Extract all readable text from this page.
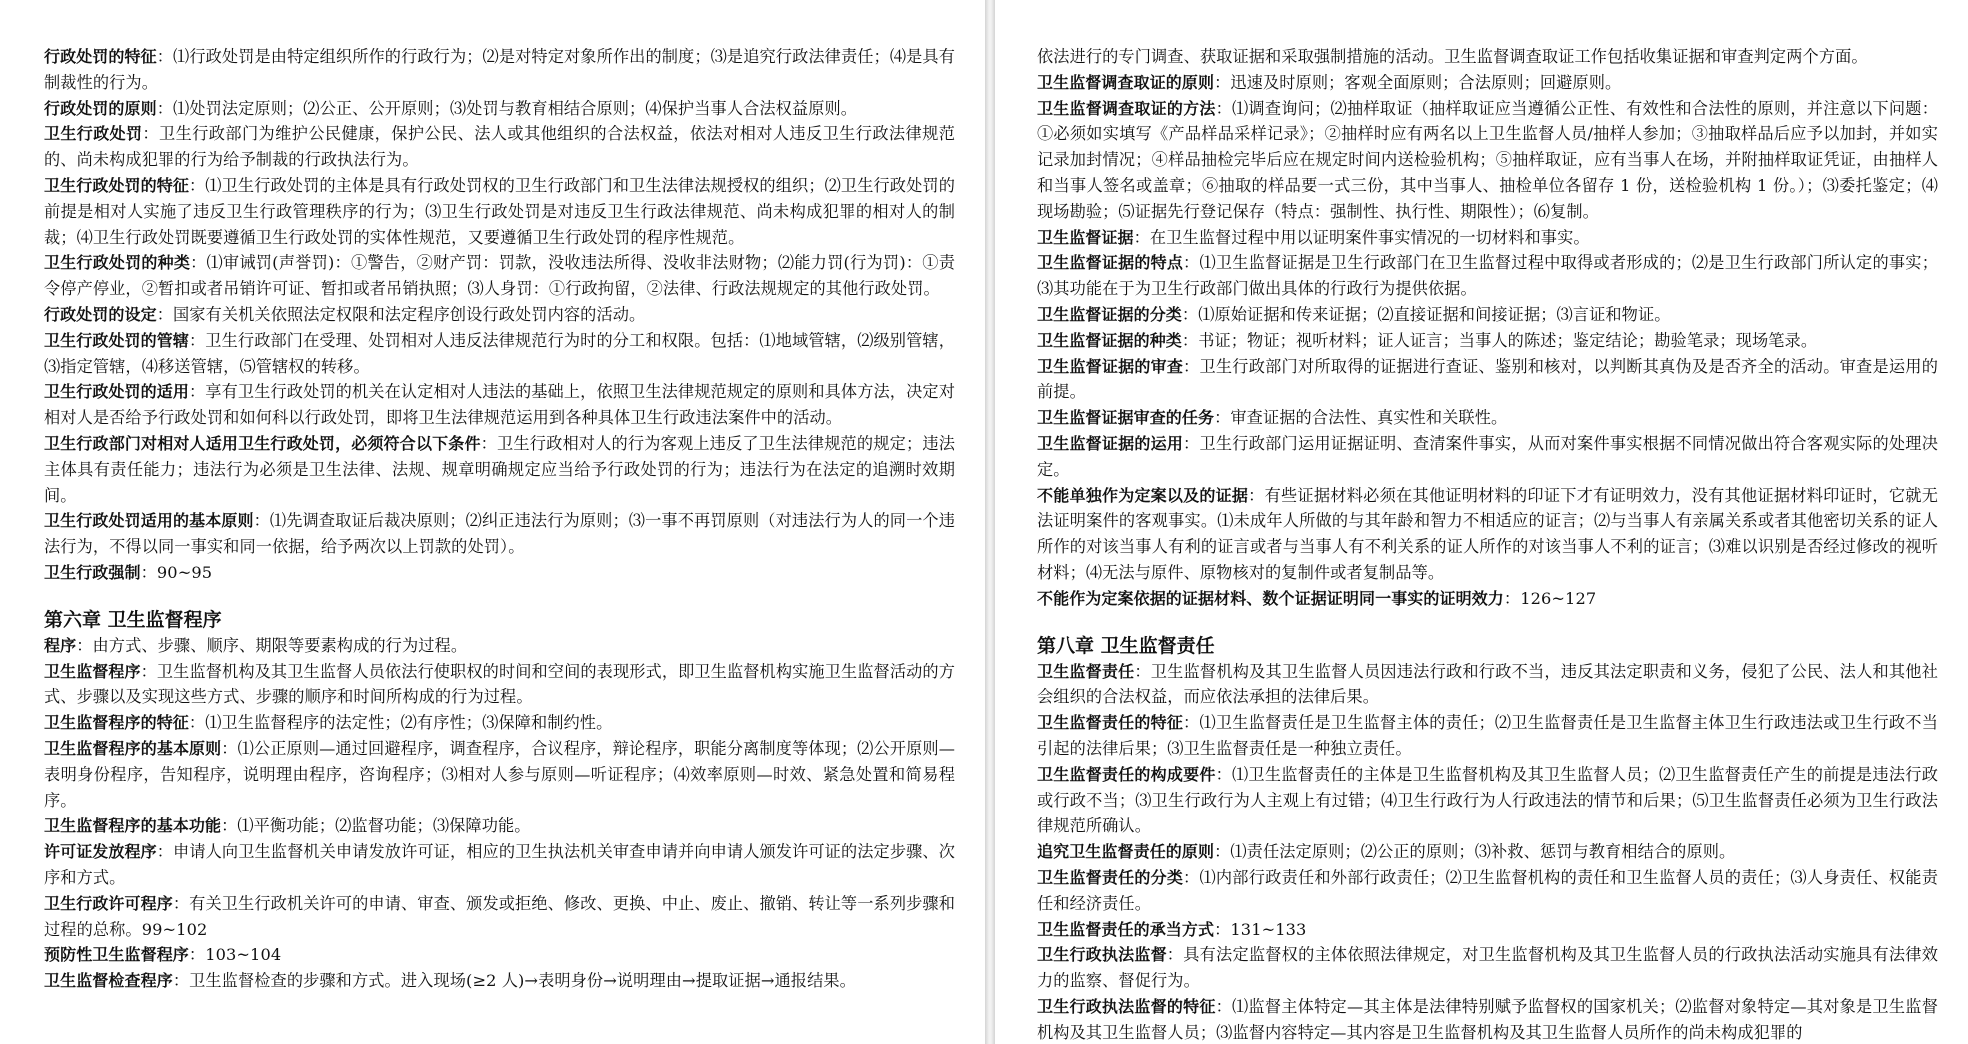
行政处罚的特征：⑴行政处罚是由特定组织所作的行政行为；⑵是对特定对象所作出的制度；⑶是追究行政法律责任；⑷是具有制裁性的行为。

行政处罚的原则：⑴处罚法定原则；⑵公正、公开原则；⑶处罚与教育相结合原则；⑷保护当事人合法权益原则。

卫生行政处罚：卫生行政部门为维护公民健康，保护公民、法人或其他组织的合法权益，依法对相对人违反卫生行政法律规范的、尚未构成犯罪的行为给予制裁的行政执法行为。

卫生行政处罚的特征：⑴卫生行政处罚的主体是具有行政处罚权的卫生行政部门和卫生法律法规授权的组织；⑵卫生行政处罚的前提是相对人实施了违反卫生行政管理秩序的行为；⑶卫生行政处罚是对违反卫生行政法律规范、尚未构成犯罪的相对人的制裁；⑷卫生行政处罚既要遵循卫生行政处罚的实体性规范，又要遵循卫生行政处罚的程序性规范。

卫生行政处罚的种类：⑴审诫罚(声誉罚)：①警告，②财产罚：罚款，没收违法所得、没收非法财物；⑵能力罚(行为罚)：①责令停产停业，②暂扣或者吊销许可证、暂扣或者吊销执照；⑶人身罚：①行政拘留，②法律、行政法规规定的其他行政处罚。

行政处罚的设定：国家有关机关依照法定权限和法定程序创设行政处罚内容的活动。

卫生行政处罚的管辖：卫生行政部门在受理、处罚相对人违反法律规范行为时的分工和权限。包括：⑴地域管辖，⑵级别管辖，⑶指定管辖，⑷移送管辖，⑸管辖权的转移。

卫生行政处罚的适用：享有卫生行政处罚的机关在认定相对人违法的基础上，依照卫生法律规范规定的原则和具体方法，决定对相对人是否给予行政处罚和如何科以行政处罚，即将卫生法律规范运用到各种具体卫生行政违法案件中的活动。

卫生行政部门对相对人适用卫生行政处罚，必须符合以下条件：卫生行政相对人的行为客观上违反了卫生法律规范的规定；违法主体具有责任能力；违法行为必须是卫生法律、法规、规章明确规定应当给予行政处罚的行为；违法行为在法定的追溯时效期间。

卫生行政处罚适用的基本原则：⑴先调查取证后裁决原则；⑵纠正违法行为原则；⑶一事不再罚原则（对违法行为人的同一个违法行为，不得以同一事实和同一依据，给予两次以上罚款的处罚）。

卫生行政强制：90~95

第六章 卫生监督程序

程序：由方式、步骤、顺序、期限等要素构成的行为过程。

卫生监督程序：卫生监督机构及其卫生监督人员依法行使职权的时间和空间的表现形式，即卫生监督机构实施卫生监督活动的方式、步骤以及实现这些方式、步骤的顺序和时间所构成的行为过程。

卫生监督程序的特征：⑴卫生监督程序的法定性；⑵有序性；⑶保障和制约性。

卫生监督程序的基本原则：⑴公正原则—通过回避程序，调查程序，合议程序，辩论程序，职能分离制度等体现；⑵公开原则—表明身份程序，告知程序，说明理由程序，咨询程序；⑶相对人参与原则—听证程序；⑷效率原则—时效、紧急处置和简易程序。

卫生监督程序的基本功能：⑴平衡功能；⑵监督功能；⑶保障功能。

许可证发放程序：申请人向卫生监督机关申请发放许可证，相应的卫生执法机关审查申请并向申请人颁发许可证的法定步骤、次序和方式。

卫生行政许可程序：有关卫生行政机关许可的申请、审查、颁发或拒绝、修改、更换、中止、废止、撤销、转让等一系列步骤和过程的总称。99~102

预防性卫生监督程序：103~104

卫生监督检查程序：卫生监督检查的步骤和方式。进入现场(≥2 人)→表明身份→说明理由→提取证据→通报结果。

依法进行的专门调查、获取证据和采取强制措施的活动。卫生监督调查取证工作包括收集证据和审查判定两个方面。

卫生监督调查取证的原则：迅速及时原则；客观全面原则；合法原则；回避原则。

卫生监督调查取证的方法：⑴调查询问；⑵抽样取证（抽样取证应当遵循公正性、有效性和合法性的原则，并注意以下问题：①必须如实填写《产品样品采样记录》；②抽样时应有两名以上卫生监督人员/抽样人参加；③抽取样品后应予以加封，并如实记录加封情况；④样品抽检完毕后应在规定时间内送检验机构；⑤抽样取证，应有当事人在场，并附抽样取证凭证，由抽样人和当事人签名或盖章；⑥抽取的样品要一式三份，其中当事人、抽检单位各留存 1 份，送检验机构 1 份。）；⑶委托鉴定；⑷现场勘验；⑸证据先行登记保存（特点：强制性、执行性、期限性）；⑹复制。

卫生监督证据：在卫生监督过程中用以证明案件事实情况的一切材料和事实。

卫生监督证据的特点：⑴卫生监督证据是卫生行政部门在卫生监督过程中取得或者形成的；⑵是卫生行政部门所认定的事实；⑶其功能在于为卫生行政部门做出具体的行政行为提供依据。

卫生监督证据的分类：⑴原始证据和传来证据；⑵直接证据和间接证据；⑶言证和物证。

卫生监督证据的种类：书证；物证；视听材料；证人证言；当事人的陈述；鉴定结论；勘验笔录；现场笔录。

卫生监督证据的审查：卫生行政部门对所取得的证据进行查证、鉴别和核对，以判断其真伪及是否齐全的活动。审查是运用的前提。

卫生监督证据审查的任务：审查证据的合法性、真实性和关联性。

卫生监督证据的运用：卫生行政部门运用证据证明、查清案件事实，从而对案件事实根据不同情况做出符合客观实际的处理决定。

不能单独作为定案以及的证据：有些证据材料必须在其他证明材料的印证下才有证明效力，没有其他证据材料印证时，它就无法证明案件的客观事实。⑴未成年人所做的与其年龄和智力不相适应的证言；⑵与当事人有亲属关系或者其他密切关系的证人所作的对该当事人有利的证言或者与当事人有不利关系的证人所作的对该当事人不利的证言；⑶难以识别是否经过修改的视听材料；⑷无法与原件、原物核对的复制件或者复制品等。

不能作为定案依据的证据材料、数个证据证明同一事实的证明效力：126~127

第八章 卫生监督责任

卫生监督责任：卫生监督机构及其卫生监督人员因违法行政和行政不当，违反其法定职责和义务，侵犯了公民、法人和其他社会组织的合法权益，而应依法承担的法律后果。

卫生监督责任的特征：⑴卫生监督责任是卫生监督主体的责任；⑵卫生监督责任是卫生监督主体卫生行政违法或卫生行政不当引起的法律后果；⑶卫生监督责任是一种独立责任。

卫生监督责任的构成要件：⑴卫生监督责任的主体是卫生监督机构及其卫生监督人员；⑵卫生监督责任产生的前提是违法行政或行政不当；⑶卫生行政行为人主观上有过错；⑷卫生行政行为人行政违法的情节和后果；⑸卫生监督责任必须为卫生行政法律规范所确认。

追究卫生监督责任的原则：⑴责任法定原则；⑵公正的原则；⑶补救、惩罚与教育相结合的原则。

卫生监督责任的分类：⑴内部行政责任和外部行政责任；⑵卫生监督机构的责任和卫生监督人员的责任；⑶人身责任、权能责任和经济责任。

卫生监督责任的承当方式：131~133

卫生行政执法监督：具有法定监督权的主体依照法律规定，对卫生监督机构及其卫生监督人员的行政执法活动实施具有法律效力的监察、督促行为。

卫生行政执法监督的特征：⑴监督主体特定—其主体是法律特别赋予监督权的国家机关；⑵监督对象特定—其对象是卫生监督机构及其卫生监督人员；⑶监督内容特定—其内容是卫生监督机构及其卫生监督人员所作的尚未构成犯罪的
